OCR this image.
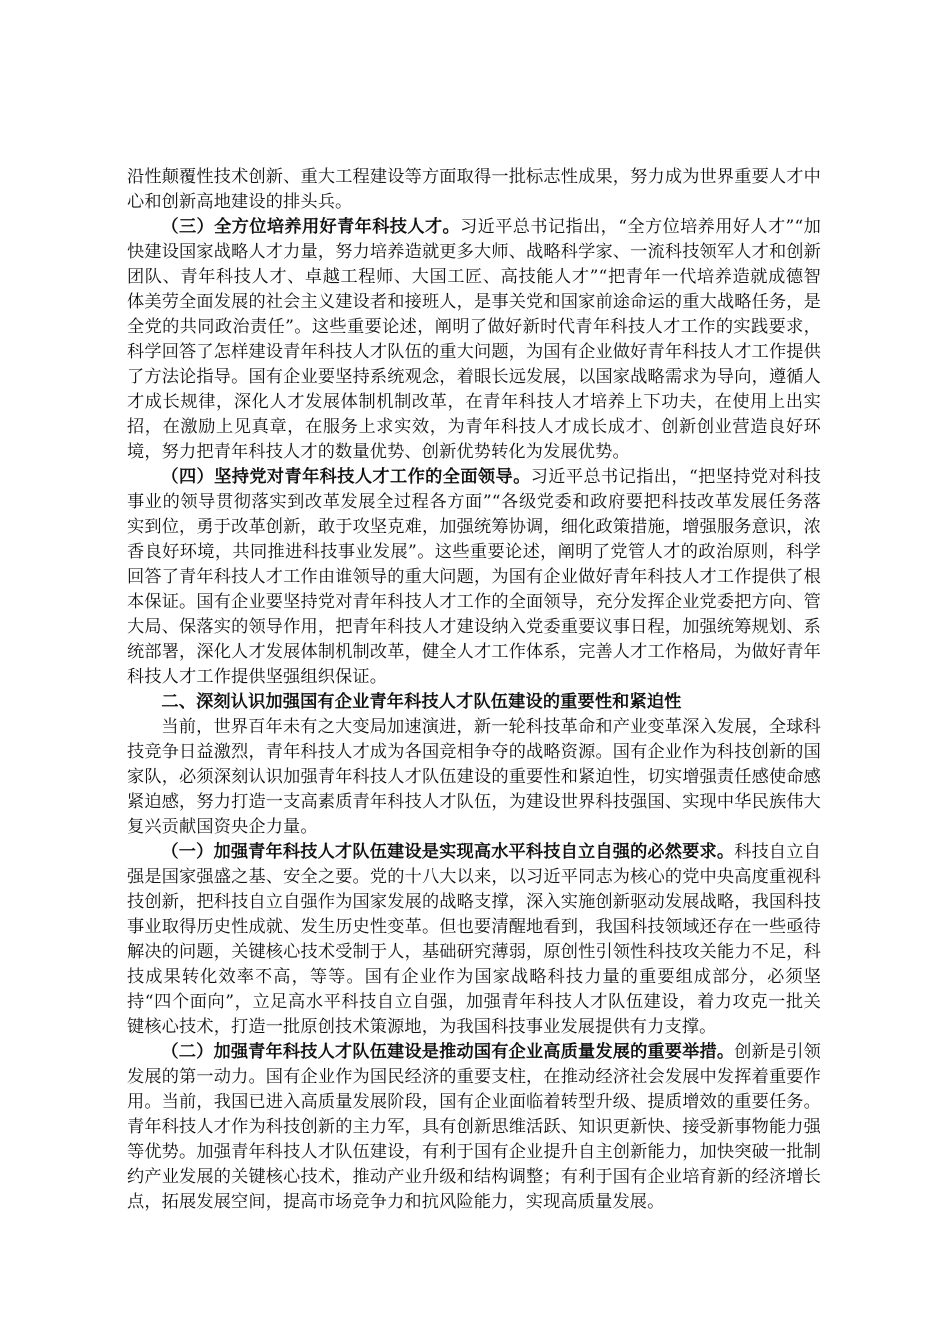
沿性颠覆性技术创新、重大工程建设等方面取得一批标志性成果，努力成为世界重要人才中心和创新高地建设的排头兵。

（三）全方位培养用好青年科技人才。习近平总书记指出，“全方位培养用好人才”“加快建设国家战略人才力量，努力培养造就更多大师、战略科学家、一流科技领军人才和创新团队、青年科技人才、卓越工程师、大国工匠、高技能人才”“把青年一代培养造就成德智体美劳全面发展的社会主义建设者和接班人，是事关党和国家前途命运的重大战略任务，是全党的共同政治责任”。这些重要论述，阐明了做好新时代青年科技人才工作的实践要求，科学回答了怎样建设青年科技人才队伍的重大问题，为国有企业做好青年科技人才工作提供了方法论指导。国有企业要坚持系统观念，着眼长远发展，以国家战略需求为导向，遵循人才成长规律，深化人才发展体制机制改革，在青年科技人才培养上下功夫，在使用上出实招，在激励上见真章，在服务上求实效，为青年科技人才成长成才、创新创业营造良好环境，努力把青年科技人才的数量优势、创新优势转化为发展优势。

（四）坚持党对青年科技人才工作的全面领导。习近平总书记指出，“把坚持党对科技事业的领导贯彻落实到改革发展全过程各方面”“各级党委和政府要把科技改革发展任务落实到位，勇于改革创新，敢于攻坚克难，加强统筹协调，细化政策措施，增强服务意识，浓香良好环境，共同推进科技事业发展”。这些重要论述，阐明了党管人才的政治原则，科学回答了青年科技人才工作由谁领导的重大问题，为国有企业做好青年科技人才工作提供了根本保证。国有企业要坚持党对青年科技人才工作的全面领导，充分发挥企业党委把方向、管大局、保落实的领导作用，把青年科技人才建设纳入党委重要议事日程，加强统筹规划、系统部署，深化人才发展体制机制改革，健全人才工作体系，完善人才工作格局，为做好青年科技人才工作提供坚强组织保证。

二、深刻认识加强国有企业青年科技人才队伍建设的重要性和紧迫性

当前，世界百年未有之大变局加速演进，新一轮科技革命和产业变革深入发展，全球科技竞争日益激烈，青年科技人才成为各国竞相争夺的战略资源。国有企业作为科技创新的国家队，必须深刻认识加强青年科技人才队伍建设的重要性和紧迫性，切实增强责任感使命感紧迫感，努力打造一支高素质青年科技人才队伍，为建设世界科技强国、实现中华民族伟大复兴贡献国资央企力量。

（一）加强青年科技人才队伍建设是实现高水平科技自立自强的必然要求。科技自立自强是国家强盛之基、安全之要。党的十八大以来，以习近平同志为核心的党中央高度重视科技创新，把科技自立自强作为国家发展的战略支撑，深入实施创新驱动发展战略，我国科技事业取得历史性成就、发生历史性变革。但也要清醒地看到，我国科技领域还存在一些亟待解决的问题，关键核心技术受制于人，基础研究薄弱，原创性引领性科技攻关能力不足，科技成果转化效率不高，等等。国有企业作为国家战略科技力量的重要组成部分，必须坚持“四个面向”，立足高水平科技自立自强，加强青年科技人才队伍建设，着力攻克一批关键核心技术，打造一批原创技术策源地，为我国科技事业发展提供有力支撑。

（二）加强青年科技人才队伍建设是推动国有企业高质量发展的重要举措。创新是引领发展的第一动力。国有企业作为国民经济的重要支柱，在推动经济社会发展中发挥着重要作用。当前，我国已进入高质量发展阶段，国有企业面临着转型升级、提质增效的重要任务。青年科技人才作为科技创新的主力军，具有创新思维活跃、知识更新快、接受新事物能力强等优势。加强青年科技人才队伍建设，有利于国有企业提升自主创新能力，加快突破一批制约产业发展的关键核心技术，推动产业升级和结构调整；有利于国有企业培育新的经济增长点，拓展发展空间，提高市场竞争力和抗风险能力，实现高质量发展。
